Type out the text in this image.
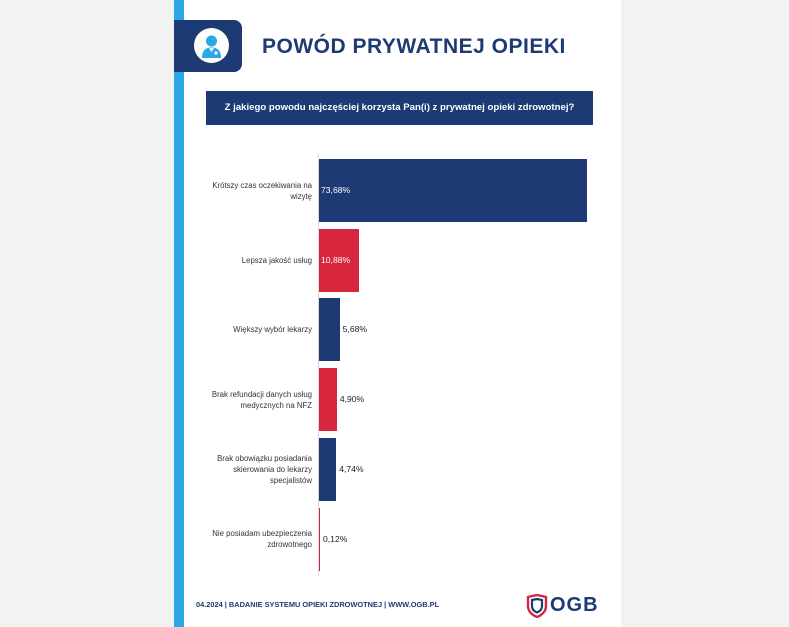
POWÓD PRYWATNEJ OPIEKI
Z jakiego powodu najczęściej korzysta Pan(i) z prywatnej opieki zdrowotnej?
Krótszy czas oczekiwania na wizytę
73,68%
Lepsza jakość usług 10,88%
Większy wybór lekarzy	5,68%
Brak refundacji danych usług medycznych na NFZ
4,90%
Brak obowiązku posiadania skierowania do lekarzy specjalistów
4,74%
Nie posiadam ubezpieczenia zdrowotnego
0,12%
04.2024 | BADANIE SYSTEMU OPIEKI ZDROWOTNEJ | WWW.OGB.PL	OGB
